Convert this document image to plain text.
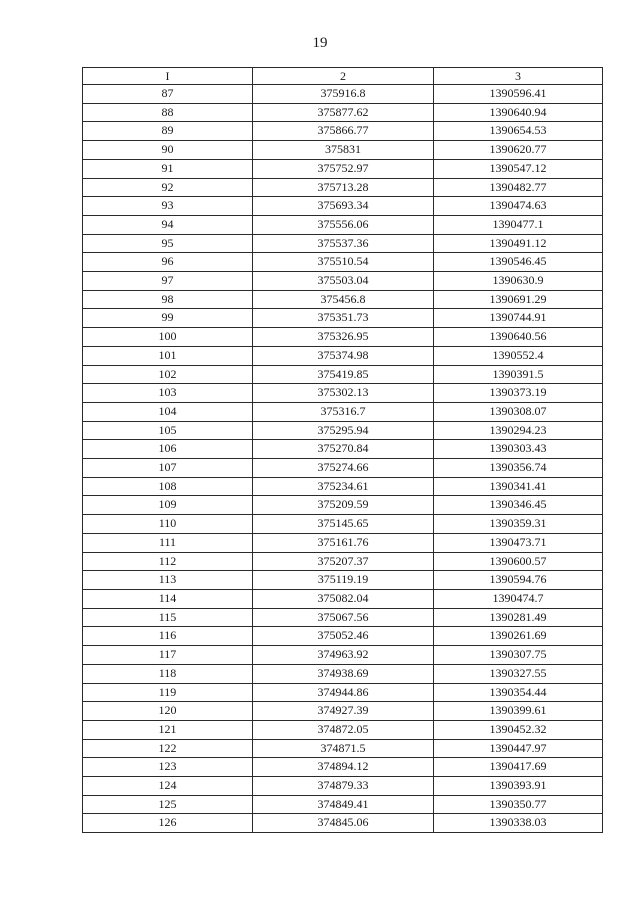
19
I	2	3
87	375916.8	1390596.41
88	375877.62	1390640.94
89	375866.77	1390654.53
90	375831	1390620.77
91	375752.97	1390547.12
92	375713.28	1390482.77
93	375693.34	1390474.63
94	375556.06	1390477.1
95	375537.36	1390491.12
96	375510.54	1390546.45
97	375503.04	1390630.9
98	375456.8	1390691.29
99	375351.73	1390744.91
100	375326.95	1390640.56
101	375374.98	1390552.4
102	375419.85	1390391.5
103	375302.13	1390373.19
104	375316.7	1390308.07
105	375295.94	1390294.23
106	375270.84	1390303.43
107	375274.66	1390356.74
108	375234.61	1390341.41
109	375209.59	1390346.45
110	375145.65	1390359.31
111	375161.76	1390473.71
112	375207.37	1390600.57
113	375119.19	1390594.76
114	375082.04	1390474.7
115	375067.56	1390281.49
116	375052.46	1390261.69
117	374963.92	1390307.75
118	374938.69	1390327.55
119	374944.86	1390354.44
120	374927.39	1390399.61
121	374872.05	1390452.32
122	374871.5	1390447.97
123	374894.12	1390417.69
124	374879.33	1390393.91
125	374849.41	1390350.77
126	374845.06	1390338.03
